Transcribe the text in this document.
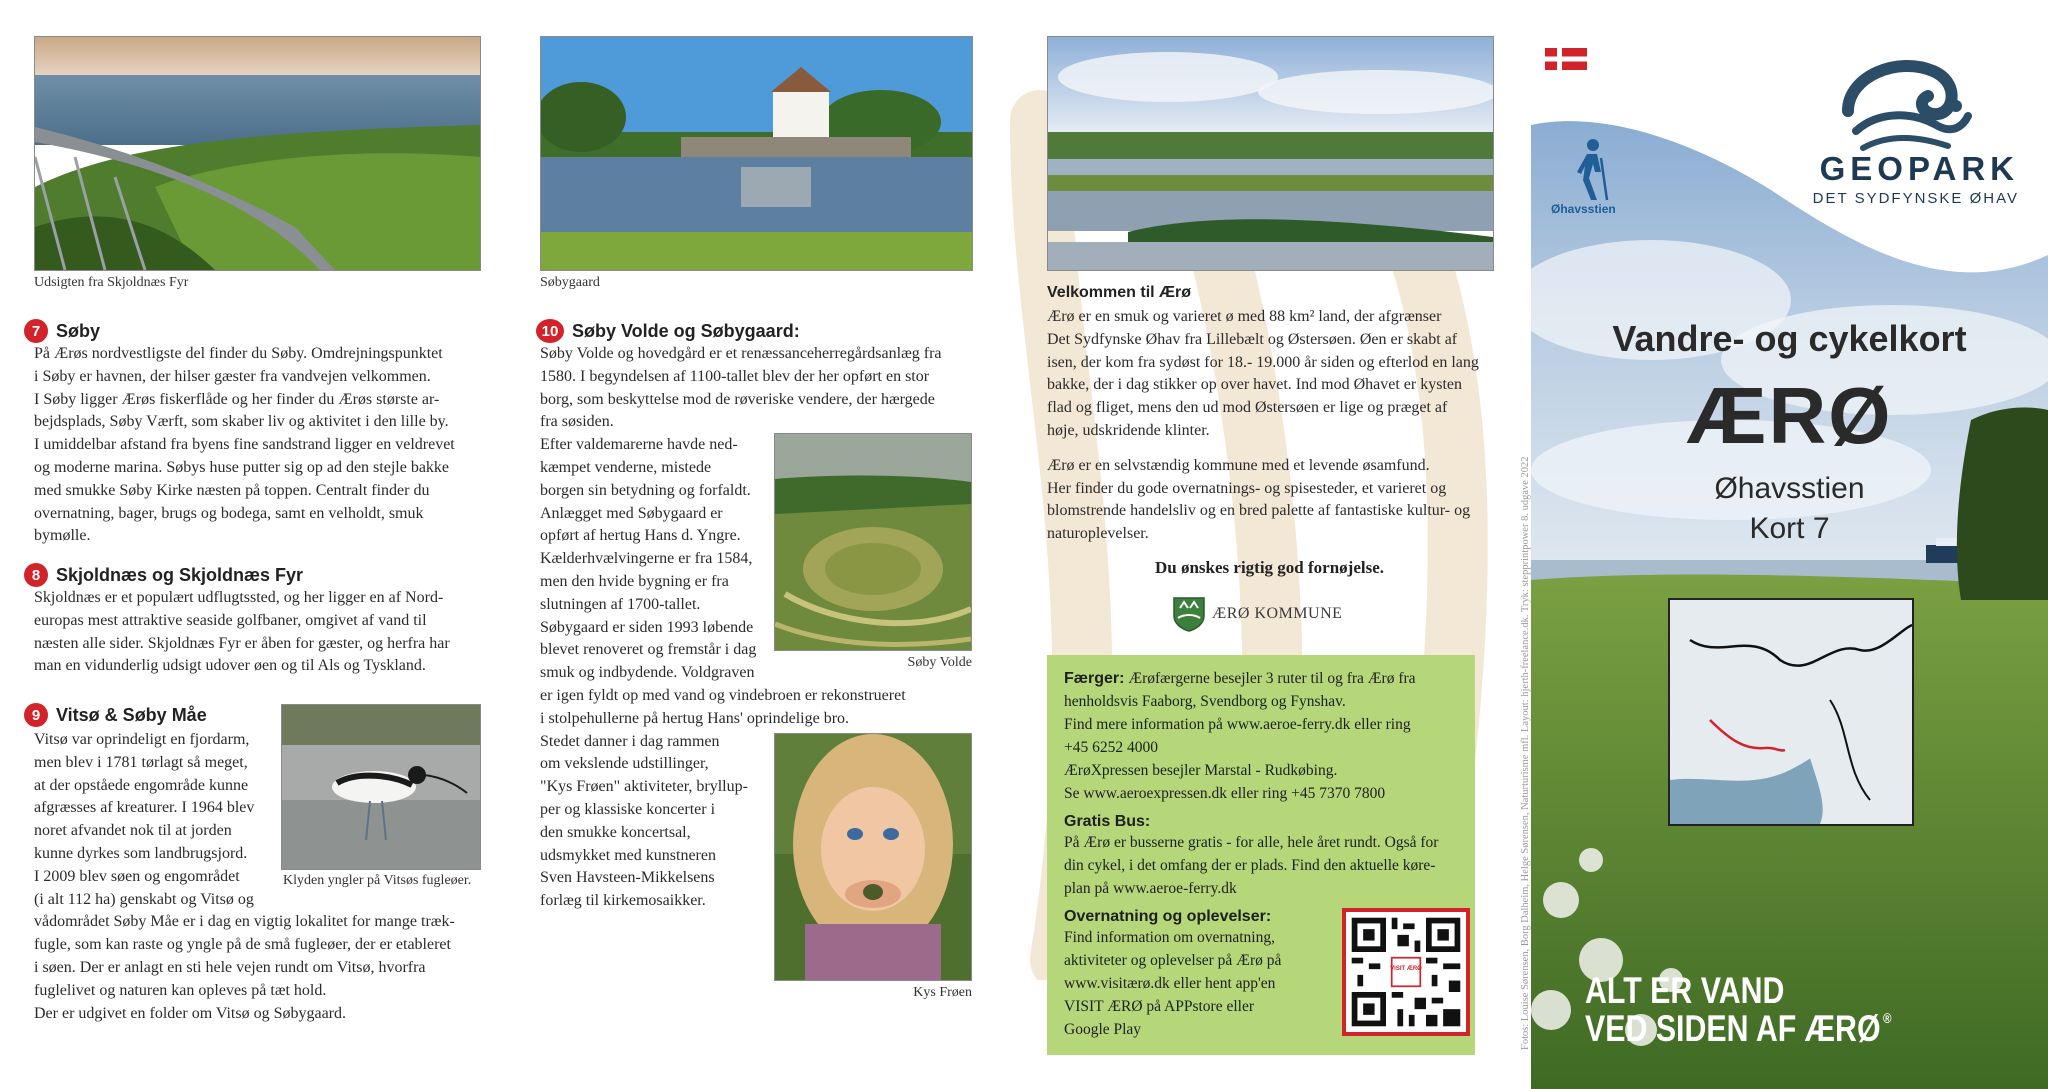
Udsigten fra Skjoldnæs Fyr
7 Søby

På Ærøs nordvestligste del finder du Søby. Omdrejningspunktet
i Søby er havnen, der hilser gæster fra vandvejen velkommen.
I Søby ligger Ærøs fiskerflåde og her finder du Ærøs største ar-
bejdsplads, Søby Værft, som skaber liv og aktivitet i den lille by.
I umiddelbar afstand fra byens fine sandstrand ligger en veldrevet
og moderne marina. Søbys huse putter sig op ad den stejle bakke
med smukke Søby Kirke næsten på toppen. Centralt finder du
overnatning, bager, brugs og bodega, samt en velholdt, smuk
bymølle.

8 Skjoldnæs og Skjoldnæs Fyr

Skjoldnæs er et populært udflugtssted, og her ligger en af Nord-
europas mest attraktive seaside golfbaner, omgivet af vand til
næsten alle sider. Skjoldnæs Fyr er åben for gæster, og herfra har
man en vidunderlig udsigt udover øen og til Als og Tyskland.

9 Vitsø & Søby Måe

Vitsø var oprindeligt en fjordarm,
men blev i 1781 tørlagt så meget,
at der opståede engområde kunne
afgræsses af kreaturer. I 1964 blev
noret afvandet nok til at jorden
kunne dyrkes som landbrugsjord.
I 2009 blev søen og engområdet
(i alt 112 ha) genskabt og Vitsø og

vådområdet Søby Måe er i dag en vigtig lokalitet for mange træk-
fugle, som kan raste og yngle på de små fugleøer, der er etableret
i søen. Der er anlagt en sti hele vejen rundt om Vitsø, hvorfra
fuglelivet og naturen kan opleves på tæt hold.
Der er udgivet en folder om Vitsø og Søbygaard.

Klyden yngler på Vitsøs fugleøer.
Søbygaard
10 Søby Volde og Søbygaard:

Søby Volde og hovedgård er et renæssanceherregårdsanlæg fra
1580. I begyndelsen af 1100-tallet blev der her opført en stor
borg, som beskyttelse mod de røveriske vendere, der hærgede
fra søsiden.

Søby Volde

Efter valdemarerne havde ned-
kæmpet venderne, mistede
borgen sin betydning og forfaldt.
Anlægget med Søbygaard er
opført af hertug Hans d. Yngre.
Kælderhvælvingerne er fra 1584,
men den hvide bygning er fra
slutningen af 1700-tallet.
Søbygaard er siden 1993 løbende
blevet renoveret og fremstår i dag
smuk og indbydende. Voldgraven
er igen fyldt op med vand og vindebroen er rekonstrueret
i stolpehullerne på hertug Hans' oprindelige bro.

Kys Frøen

Stedet danner i dag rammen
om vekslende udstillinger,
"Kys Frøen" aktiviteter, bryllup-
per og klassiske koncerter i
den smukke koncertsal,
udsmykket med kunstneren
Sven Havsteen-Mikkelsens
forlæg til kirkemosaikker.

Velkommen til Ærø

Ærø er en smuk og varieret ø med 88 km² land, der afgrænser
Det Sydfynske Øhav fra Lillebælt og Østersøen. Øen er skabt af
isen, der kom fra sydøst for 18.- 19.000 år siden og efterlod en lang
bakke, der i dag stikker op over havet. Ind mod Øhavet er kysten
flad og fliget, mens den ud mod Østersøen er lige og præget af
høje, udskridende klinter.

Ærø er en selvstændig kommune med et levende øsamfund.
Her finder du gode overnatnings- og spisesteder, et varieret og
blomstrende handelsliv og en bred palette af fantastiske kultur- og
naturoplevelser.

Du ønskes rigtig god fornøjelse.
ÆRØ KOMMUNE

Færger: Ærøfærgerne besejler 3 ruter til og fra Ærø fra
henholdsvis Faaborg, Svendborg og Fynshav.
Find mere information på www.aeroe-ferry.dk eller ring
+45 6252 4000
ÆrøXpressen besejler Marstal - Rudkøbing.
Se www.aeroexpressen.dk eller ring +45 7370 7800

Gratis Bus:

På Ærø er busserne gratis - for alle, hele året rundt. Også for
din cykel, i det omfang der er plads. Find den aktuelle køre-
plan på www.aeroe-ferry.dk

Overnatning og oplevelser:

Find information om overnatning,
aktiviteter og oplevelser på Ærø på
www.visitærø.dk eller hent app'en
VISIT ÆRØ på APPstore eller
Google Play

VISIT ÆRØ	Fotos: Louise Sørensen, Borg Dalheim, Helge Sørensen, Naturturisme mfl. Layout: hjerth-freelance.dk. Tryk: stepprintpower 8. udgave 2022
Øhavsstien
GEOPARK
DET SYDFYNSKE ØHAV
Vandre- og cykelkort
ÆRØ
Øhavsstien
Kort 7
ALT ER VAND
VED SIDEN AF ÆRØ ®
